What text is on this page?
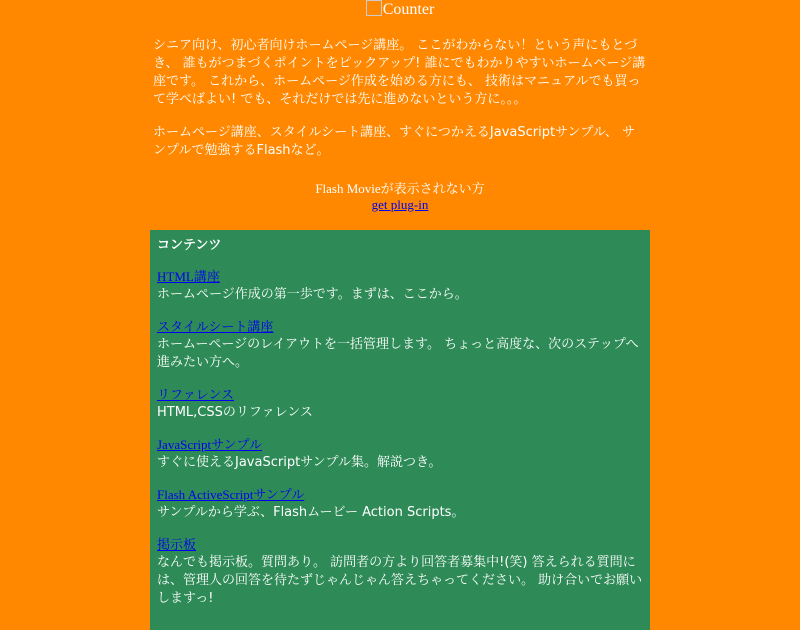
Counter

シニア向け、初心者向けホームページ講座。 ここがわからない！という声にもとづき、 誰もがつまづくポイントをピックアップ! 誰にでもわかりやすいホームページ講座です。 これから、ホームページ作成を始める方にも、 技術はマニュアルでも買って学べばよい! でも、それだけでは先に進めないという方に。。。

ホームページ講座、スタイルシート講座、すぐにつかえるJavaScriptサンプル、 サンプルで勉強するFlashなど。

Flash Movieが表示されない方
get plug-in
コンテンツ
HTML講座
ホームページ作成の第一歩です。まずは、ここから。
スタイルシート講座
ホームーページのレイアウトを一括管理します。 ちょっと高度な、次のステップへ進みたい方へ。
リファレンス
HTML,CSSのリファレンス
JavaScriptサンプル
すぐに使えるJavaScriptサンプル集。解説つき。
Flash ActiveScriptサンプル
サンプルから学ぶ、Flashムービー Action Scripts。
掲示板
なんでも掲示板。質問あり。 訪問者の方より回答者募集中!(笑) 答えられる質問には、管理人の回答を待たずじゃんじゃん答えちゃってください。 助け合いでお願いしますっ!
